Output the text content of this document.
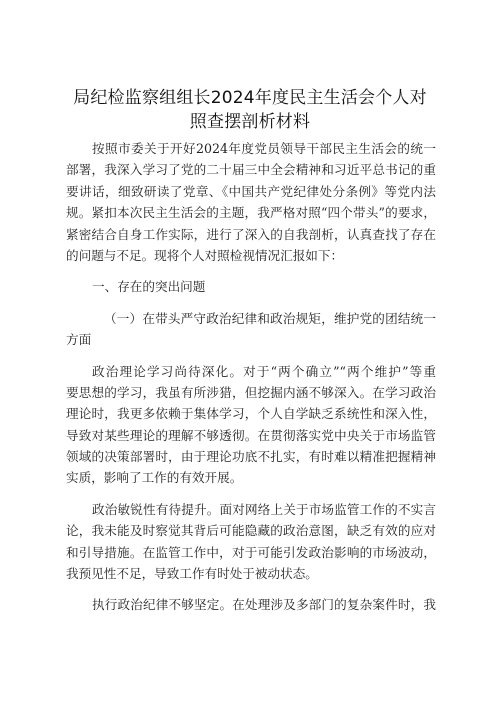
局纪检监察组组长2024年度民主生活会个人对
照查摆剖析材料
按照市委关于开好2024年度党员领导干部民主生活会的统一
部署，我深入学习了党的二十届三中全会精神和习近平总书记的重
要讲话，细致研读了党章、《中国共产党纪律处分条例》等党内法
规。紧扣本次民主生活会的主题，我严格对照“四个带头”的要求，
紧密结合自身工作实际，进行了深入的自我剖析，认真查找了存在
的问题与不足。现将个人对照检视情况汇报如下：
一、存在的突出问题
（一）在带头严守政治纪律和政治规矩，维护党的团结统一
方面
政治理论学习尚待深化。对于“两个确立”“两个维护”等重
要思想的学习，我虽有所涉猎，但挖掘内涵不够深入。在学习政治
理论时，我更多依赖于集体学习，个人自学缺乏系统性和深入性，
导致对某些理论的理解不够透彻。在贯彻落实党中央关于市场监管
领域的决策部署时，由于理论功底不扎实，有时难以精准把握精神
实质，影响了工作的有效开展。
政治敏锐性有待提升。面对网络上关于市场监管工作的不实言
论，我未能及时察觉其背后可能隐藏的政治意图，缺乏有效的应对
和引导措施。在监管工作中，对于可能引发政治影响的市场波动，
我预见性不足，导致工作有时处于被动状态。
执行政治纪律不够坚定。在处理涉及多部门的复杂案件时，我
